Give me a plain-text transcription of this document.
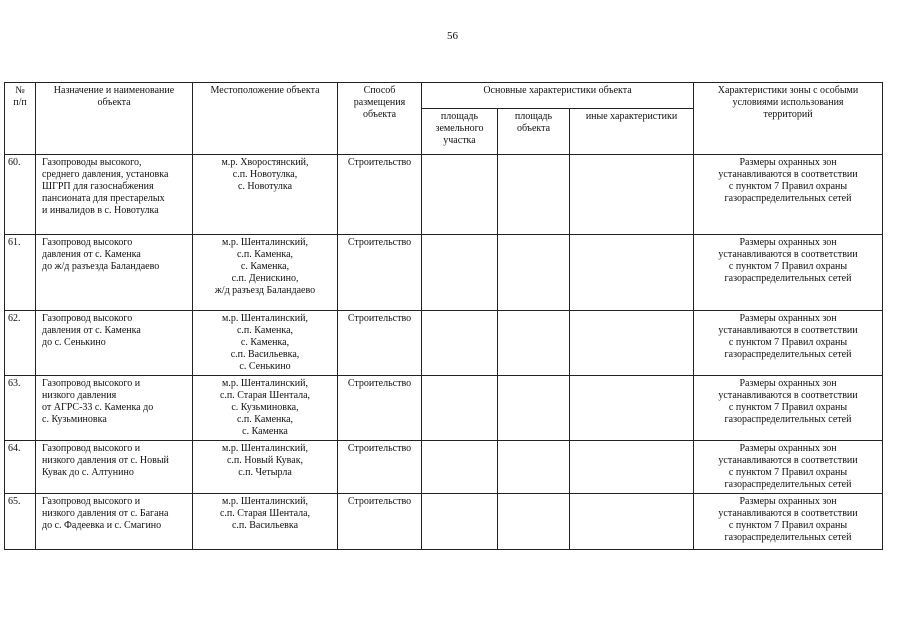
56
№
п/п	Назначение и наименование
объекта	Местоположение объекта	Способ
размещения
объекта	Основные характеристики объекта			Характеристики зоны с особыми
условиями использования
территорий
				площадь
земельного
участка	площадь
объекта	иные характеристики	
60.	Газопроводы высокого,
среднего давления, установка
ШГРП для газоснабжения
пансионата для престарелых
и инвалидов в с. Новотулка	м.р. Хворостянский,
с.п. Новотулка,
с. Новотулка	Строительство				Размеры охранных зон
устанавливаются в соответствии
с пунктом 7 Правил охраны
газораспределительных сетей
61.	Газопровод высокого
давления от с. Каменка
до ж/д разъезда Баландаево	м.р. Шенталинский,
с.п. Каменка,
с. Каменка,
с.п. Денискино,
ж/д разъезд Баландаево	Строительство				Размеры охранных зон
устанавливаются в соответствии
с пунктом 7 Правил охраны
газораспределительных сетей
62.	Газопровод высокого
давления от с. Каменка
до с. Сенькино	м.р. Шенталинский,
с.п. Каменка,
с. Каменка,
с.п. Васильевка,
с. Сенькино	Строительство				Размеры охранных зон
устанавливаются в соответствии
с пунктом 7 Правил охраны
газораспределительных сетей
63.	Газопровод высокого и
низкого давления
от АГРС-33 с. Каменка до
с. Кузьминовка	м.р. Шенталинский,
с.п. Старая Шентала,
с. Кузьминовка,
с.п. Каменка,
с. Каменка	Строительство				Размеры охранных зон
устанавливаются в соответствии
с пунктом 7 Правил охраны
газораспределительных сетей
64.	Газопровод высокого и
низкого давления от с. Новый
Кувак до с. Алтунино	м.р. Шенталинский,
с.п. Новый Кувак,
с.п. Четырла	Строительство				Размеры охранных зон
устанавливаются в соответствии
с пунктом 7 Правил охраны
газораспределительных сетей
65.	Газопровод высокого и
низкого давления от с. Багана
до с. Фадеевка и с. Смагино	м.р. Шенталинский,
с.п. Старая Шентала,
с.п. Васильевка	Строительство				Размеры охранных зон
устанавливаются в соответствии
с пунктом 7 Правил охраны
газораспределительных сетей
